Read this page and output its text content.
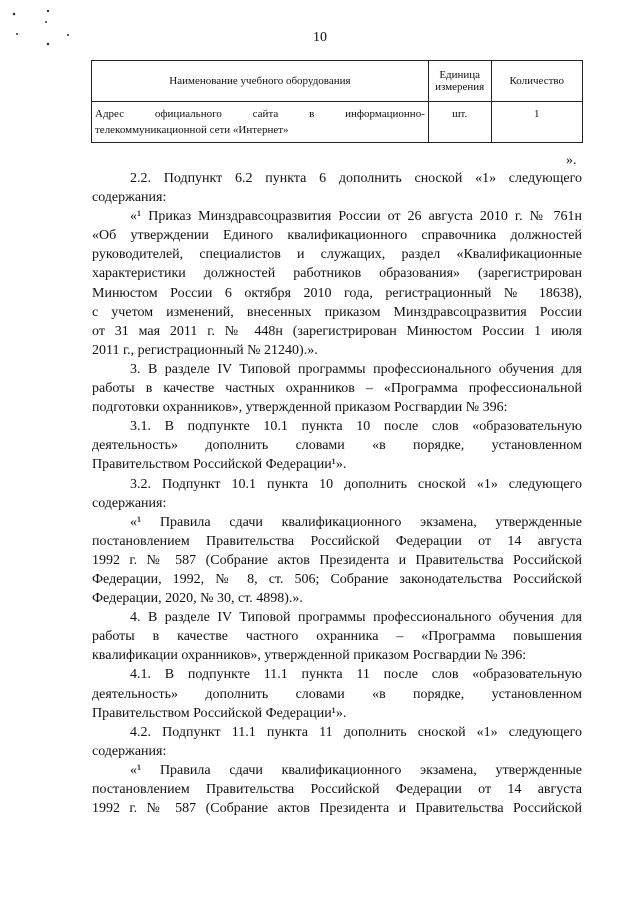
10
Наименование учебного оборудования	Единица измерения	Количество

Адрес официального сайта в информационно-
телекоммуникационной сети «Интернет»	шт.	1
».
2.2. Подпункт 6.2 пункта 6 дополнить сноской «1» следующего
содержания:
«¹ Приказ Минздравсоцразвития России от 26 августа 2010 г. № 761н
«Об утверждении Единого квалификационного справочника должностей
руководителей, специалистов и служащих, раздел «Квалификационные
характеристики должностей работников образования» (зарегистрирован
Минюстом России 6 октября 2010 года, регистрационный № 18638),
с учетом изменений, внесенных приказом Минздравсоцразвития России
от 31 мая 2011 г. № 448н (зарегистрирован Минюстом России 1 июля
2011 г., регистрационный № 21240).».
3. В разделе IV Типовой программы профессионального обучения для
работы в качестве частных охранников – «Программа профессиональной
подготовки охранников», утвержденной приказом Росгвардии № 396:
3.1. В подпункте 10.1 пункта 10 после слов «образовательную
деятельность» дополнить словами «в порядке, установленном
Правительством Российской Федерации¹».
3.2. Подпункт 10.1 пункта 10 дополнить сноской «1» следующего
содержания:
«¹ Правила сдачи квалификационного экзамена, утвержденные
постановлением Правительства Российской Федерации от 14 августа
1992 г. № 587 (Собрание актов Президента и Правительства Российской
Федерации, 1992, № 8, ст. 506; Собрание законодательства Российской
Федерации, 2020, № 30, ст. 4898).».
4. В разделе IV Типовой программы профессионального обучения для
работы в качестве частного охранника – «Программа повышения
квалификации охранников», утвержденной приказом Росгвардии № 396:
4.1. В подпункте 11.1 пункта 11 после слов «образовательную
деятельность» дополнить словами «в порядке, установленном
Правительством Российской Федерации¹».
4.2. Подпункт 11.1 пункта 11 дополнить сноской «1» следующего
содержания:
«¹ Правила сдачи квалификационного экзамена, утвержденные
постановлением Правительства Российской Федерации от 14 августа
1992 г. № 587 (Собрание актов Президента и Правительства Российской
